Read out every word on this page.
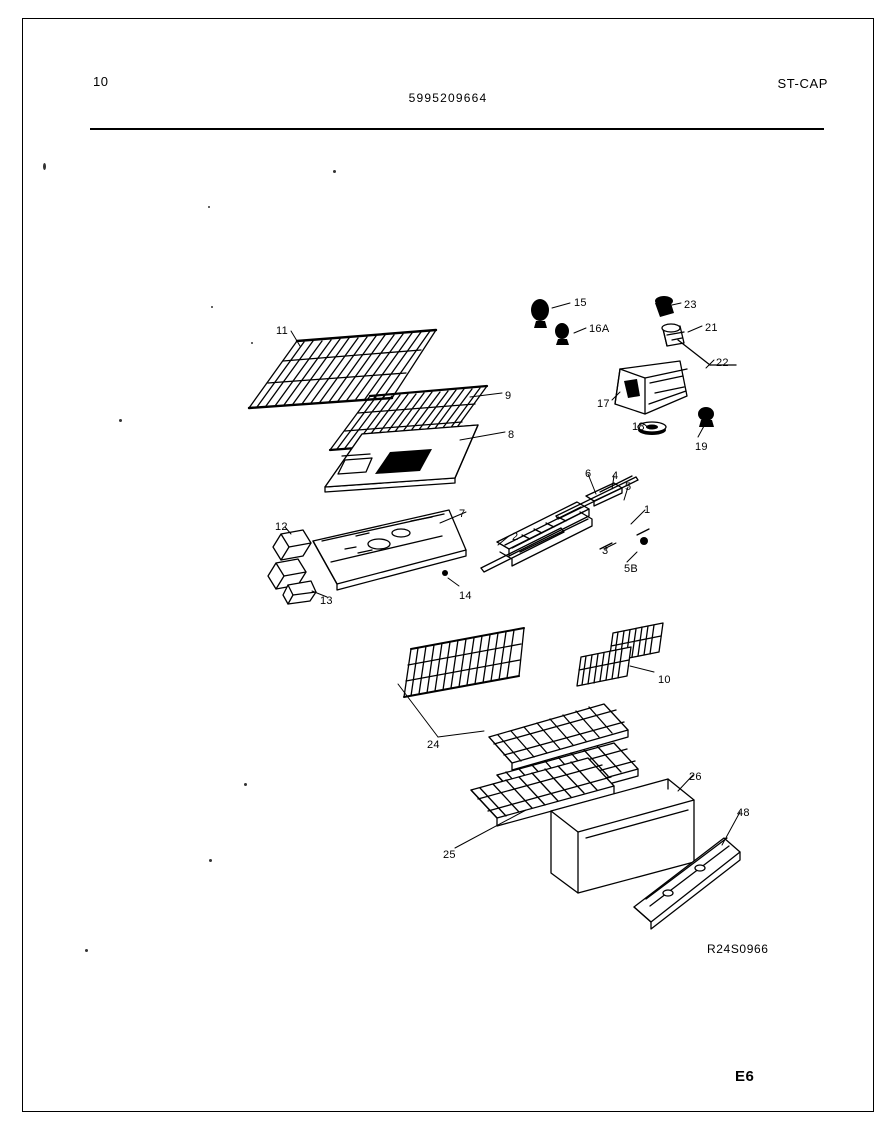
10
5995209664
ST-CAP
11
9
8
15
16A
23
21
22
17
18
19
6 4
5
1
7
2
3
5B
12
13	14
10
24
25
26
48
R24S0966
E6
